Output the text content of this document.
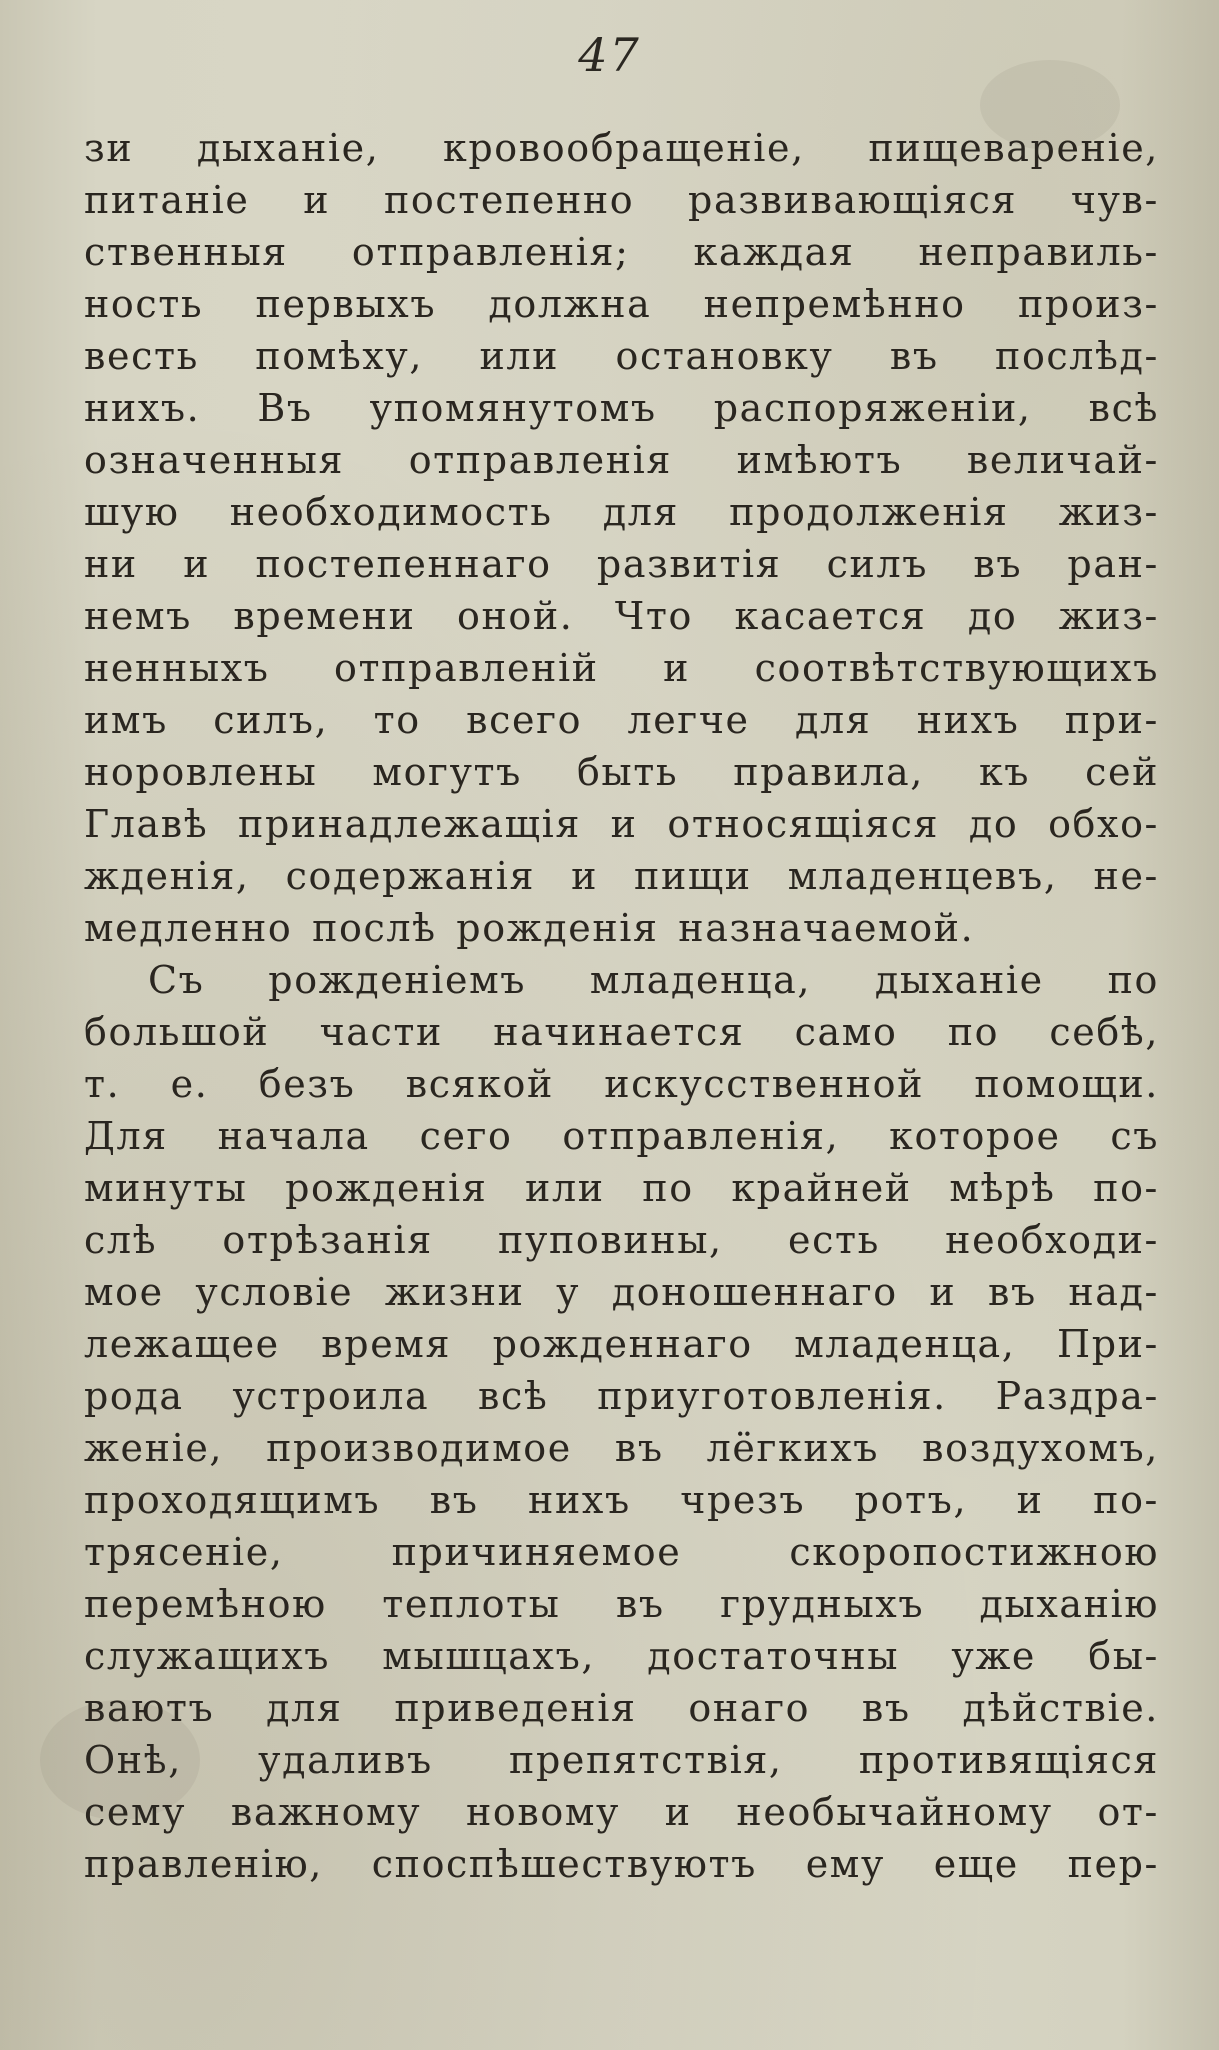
47
зи дыханіе, кровообращеніе, пищевареніе,
питаніе и постепенно развивающіяся чув-
ственныя отправленія; каждая неправиль-
ность первыхъ должна непремѣнно произ-
весть помѣху, или остановку въ послѣд-
нихъ. Въ упомянутомъ распоряженіи, всѣ
означенныя отправленія имѣютъ величай-
шую необходимость для продолженія жиз-
ни и постепеннаго развитія силъ въ ран-
немъ времени оной. Что касается до жиз-
ненныхъ отправленій и соотвѣтствующихъ
имъ силъ, то всего легче для нихъ при-
норовлены могутъ быть правила, къ сей
Главѣ принадлежащія и относящіяся до обхо-
жденія, содержанія и пищи младенцевъ, не-
медленно послѣ рожденія назначаемой.
Съ рожденіемъ младенца, дыханіе по
большой части начинается само по себѣ,
т. е. безъ всякой искусственной помощи.
Для начала сего отправленія, которое съ
минуты рожденія или по крайней мѣрѣ по-
слѣ отрѣзанія пуповины, есть необходи-
мое условіе жизни у доношеннаго и въ над-
лежащее время рожденнаго младенца, При-
рода устроила всѣ приуготовленія. Раздра-
женіе, производимое въ лёгкихъ воздухомъ,
проходящимъ въ нихъ чрезъ ротъ, и по-
трясеніе, причиняемое скоропостижною
перемѣною теплоты въ грудныхъ дыханію
служащихъ мышцахъ, достаточны уже бы-
ваютъ для приведенія онаго въ дѣйствіе.
Онѣ, удаливъ препятствія, противящіяся
сему важному новому и необычайному от-
правленію, споспѣшествуютъ ему еще пер-
